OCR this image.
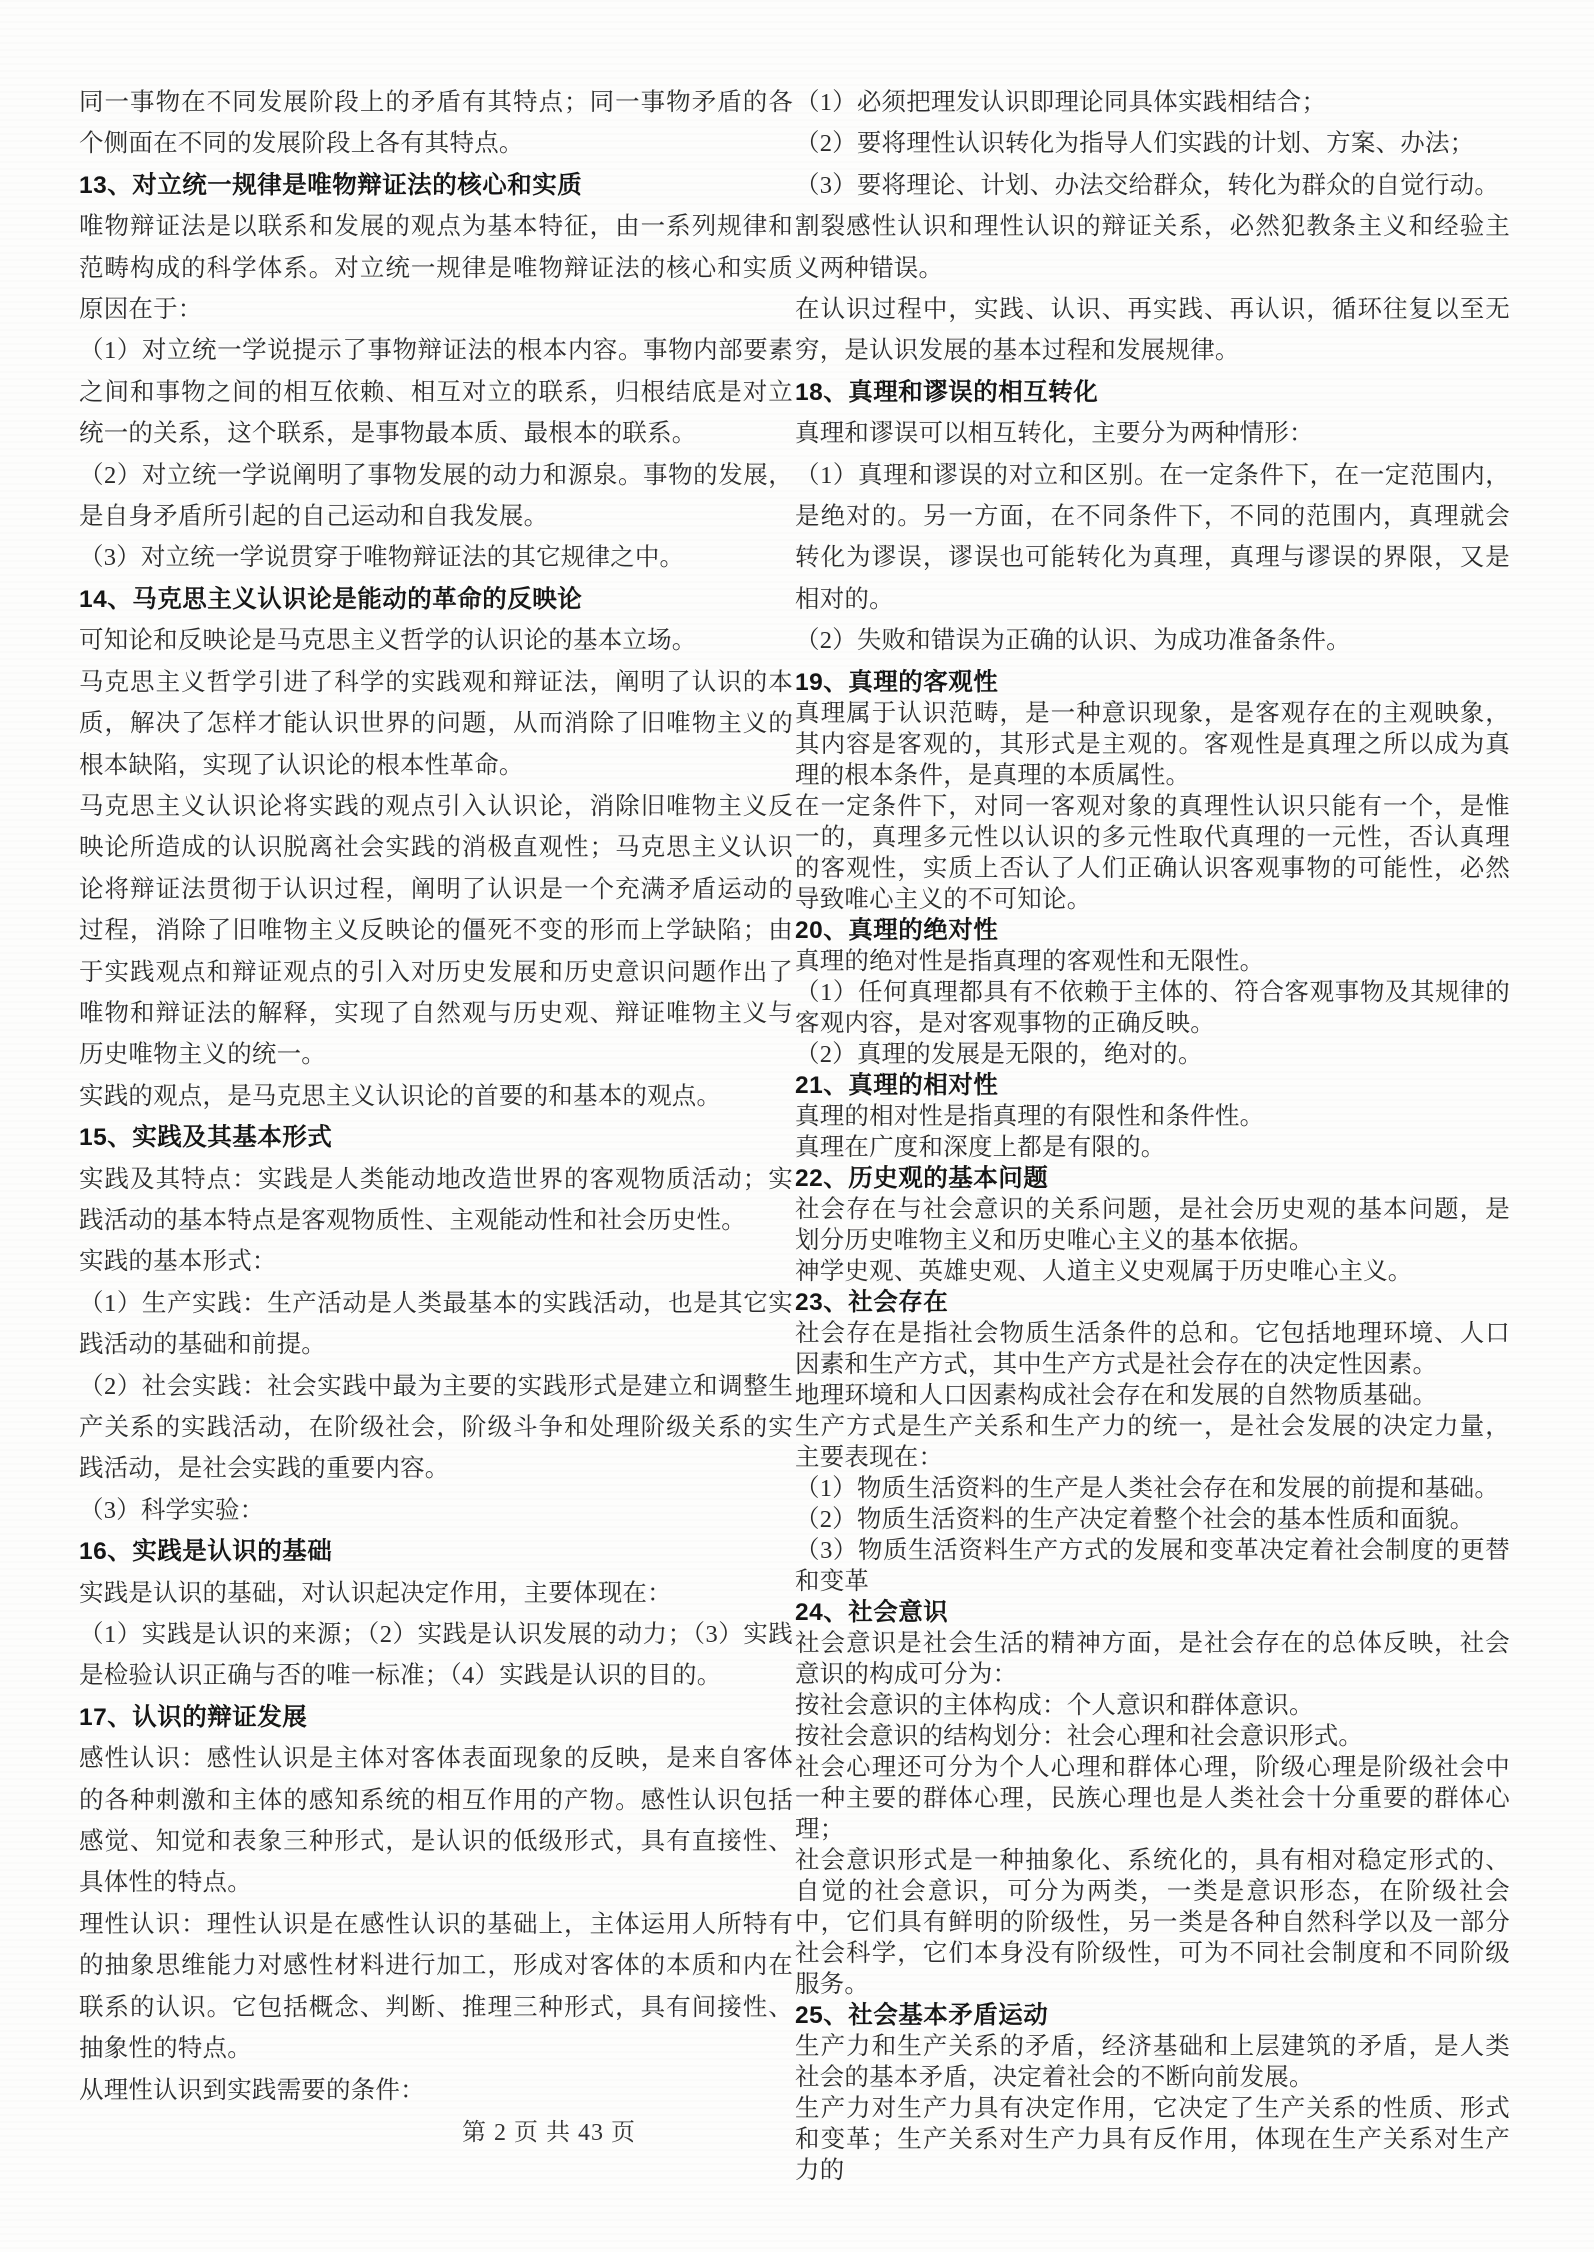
同一事物在不同发展阶段上的矛盾有其特点；同一事物矛盾的各个侧面在不同的发展阶段上各有其特点。
13、对立统一规律是唯物辩证法的核心和实质
唯物辩证法是以联系和发展的观点为基本特征，由一系列规律和范畴构成的科学体系。对立统一规律是唯物辩证法的核心和实质原因在于：
（1）对立统一学说提示了事物辩证法的根本内容。事物内部要素之间和事物之间的相互依赖、相互对立的联系，归根结底是对立统一的关系，这个联系，是事物最本质、最根本的联系。
（2）对立统一学说阐明了事物发展的动力和源泉。事物的发展，是自身矛盾所引起的自己运动和自我发展。
（3）对立统一学说贯穿于唯物辩证法的其它规律之中。
14、马克思主义认识论是能动的革命的反映论
可知论和反映论是马克思主义哲学的认识论的基本立场。
马克思主义哲学引进了科学的实践观和辩证法，阐明了认识的本质，解决了怎样才能认识世界的问题，从而消除了旧唯物主义的根本缺陷，实现了认识论的根本性革命。
马克思主义认识论将实践的观点引入认识论，消除旧唯物主义反映论所造成的认识脱离社会实践的消极直观性；马克思主义认识论将辩证法贯彻于认识过程，阐明了认识是一个充满矛盾运动的过程，消除了旧唯物主义反映论的僵死不变的形而上学缺陷；由于实践观点和辩证观点的引入对历史发展和历史意识问题作出了唯物和辩证法的解释，实现了自然观与历史观、辩证唯物主义与历史唯物主义的统一。
实践的观点，是马克思主义认识论的首要的和基本的观点。
15、实践及其基本形式
实践及其特点：实践是人类能动地改造世界的客观物质活动；实践活动的基本特点是客观物质性、主观能动性和社会历史性。
实践的基本形式：
（1）生产实践：生产活动是人类最基本的实践活动，也是其它实践活动的基础和前提。
（2）社会实践：社会实践中最为主要的实践形式是建立和调整生产关系的实践活动，在阶级社会，阶级斗争和处理阶级关系的实践活动，是社会实践的重要内容。
（3）科学实验：
16、实践是认识的基础
实践是认识的基础，对认识起决定作用，主要体现在：
（1）实践是认识的来源；（2）实践是认识发展的动力；（3）实践是检验认识正确与否的唯一标准；（4）实践是认识的目的。
17、认识的辩证发展
感性认识：感性认识是主体对客体表面现象的反映，是来自客体的各种刺激和主体的感知系统的相互作用的产物。感性认识包括感觉、知觉和表象三种形式，是认识的低级形式，具有直接性、具体性的特点。
理性认识：理性认识是在感性认识的基础上，主体运用人所特有的抽象思维能力对感性材料进行加工，形成对客体的本质和内在联系的认识。它包括概念、判断、推理三种形式，具有间接性、抽象性的特点。
从理性认识到实践需要的条件：
（1）必须把理发认识即理论同具体实践相结合；
（2）要将理性认识转化为指导人们实践的计划、方案、办法；
（3）要将理论、计划、办法交给群众，转化为群众的自觉行动。
割裂感性认识和理性认识的辩证关系，必然犯教条主义和经验主义两种错误。
在认识过程中，实践、认识、再实践、再认识，循环往复以至无穷，是认识发展的基本过程和发展规律。
18、真理和谬误的相互转化
真理和谬误可以相互转化，主要分为两种情形：
（1）真理和谬误的对立和区别。在一定条件下，在一定范围内，是绝对的。另一方面，在不同条件下，不同的范围内，真理就会转化为谬误，谬误也可能转化为真理，真理与谬误的界限，又是相对的。
（2）失败和错误为正确的认识、为成功准备条件。
19、真理的客观性
真理属于认识范畴，是一种意识现象，是客观存在的主观映象，其内容是客观的，其形式是主观的。客观性是真理之所以成为真理的根本条件，是真理的本质属性。
在一定条件下，对同一客观对象的真理性认识只能有一个，是惟一的，真理多元性以认识的多元性取代真理的一元性，否认真理的客观性，实质上否认了人们正确认识客观事物的可能性，必然导致唯心主义的不可知论。
20、真理的绝对性
真理的绝对性是指真理的客观性和无限性。
（1）任何真理都具有不依赖于主体的、符合客观事物及其规律的客观内容，是对客观事物的正确反映。
（2）真理的发展是无限的，绝对的。
21、真理的相对性
真理的相对性是指真理的有限性和条件性。
真理在广度和深度上都是有限的。
22、历史观的基本问题
社会存在与社会意识的关系问题，是社会历史观的基本问题，是划分历史唯物主义和历史唯心主义的基本依据。
神学史观、英雄史观、人道主义史观属于历史唯心主义。
23、社会存在
社会存在是指社会物质生活条件的总和。它包括地理环境、人口因素和生产方式，其中生产方式是社会存在的决定性因素。
地理环境和人口因素构成社会存在和发展的自然物质基础。
生产方式是生产关系和生产力的统一，是社会发展的决定力量，主要表现在：
（1）物质生活资料的生产是人类社会存在和发展的前提和基础。
（2）物质生活资料的生产决定着整个社会的基本性质和面貌。
（3）物质生活资料生产方式的发展和变革决定着社会制度的更替和变革
24、社会意识
社会意识是社会生活的精神方面，是社会存在的总体反映，社会意识的构成可分为：
按社会意识的主体构成：个人意识和群体意识。
按社会意识的结构划分：社会心理和社会意识形式。
社会心理还可分为个人心理和群体心理，阶级心理是阶级社会中一种主要的群体心理，民族心理也是人类社会十分重要的群体心理；
社会意识形式是一种抽象化、系统化的，具有相对稳定形式的、自觉的社会意识，可分为两类，一类是意识形态，在阶级社会中，它们具有鲜明的阶级性，另一类是各种自然科学以及一部分社会科学，它们本身没有阶级性，可为不同社会制度和不同阶级服务。
25、社会基本矛盾运动
生产力和生产关系的矛盾，经济基础和上层建筑的矛盾，是人类社会的基本矛盾，决定着社会的不断向前发展。
生产力对生产力具有决定作用，它决定了生产关系的性质、形式和变革；生产关系对生产力具有反作用，体现在生产关系对生产力的
第 2 页 共 43 页
